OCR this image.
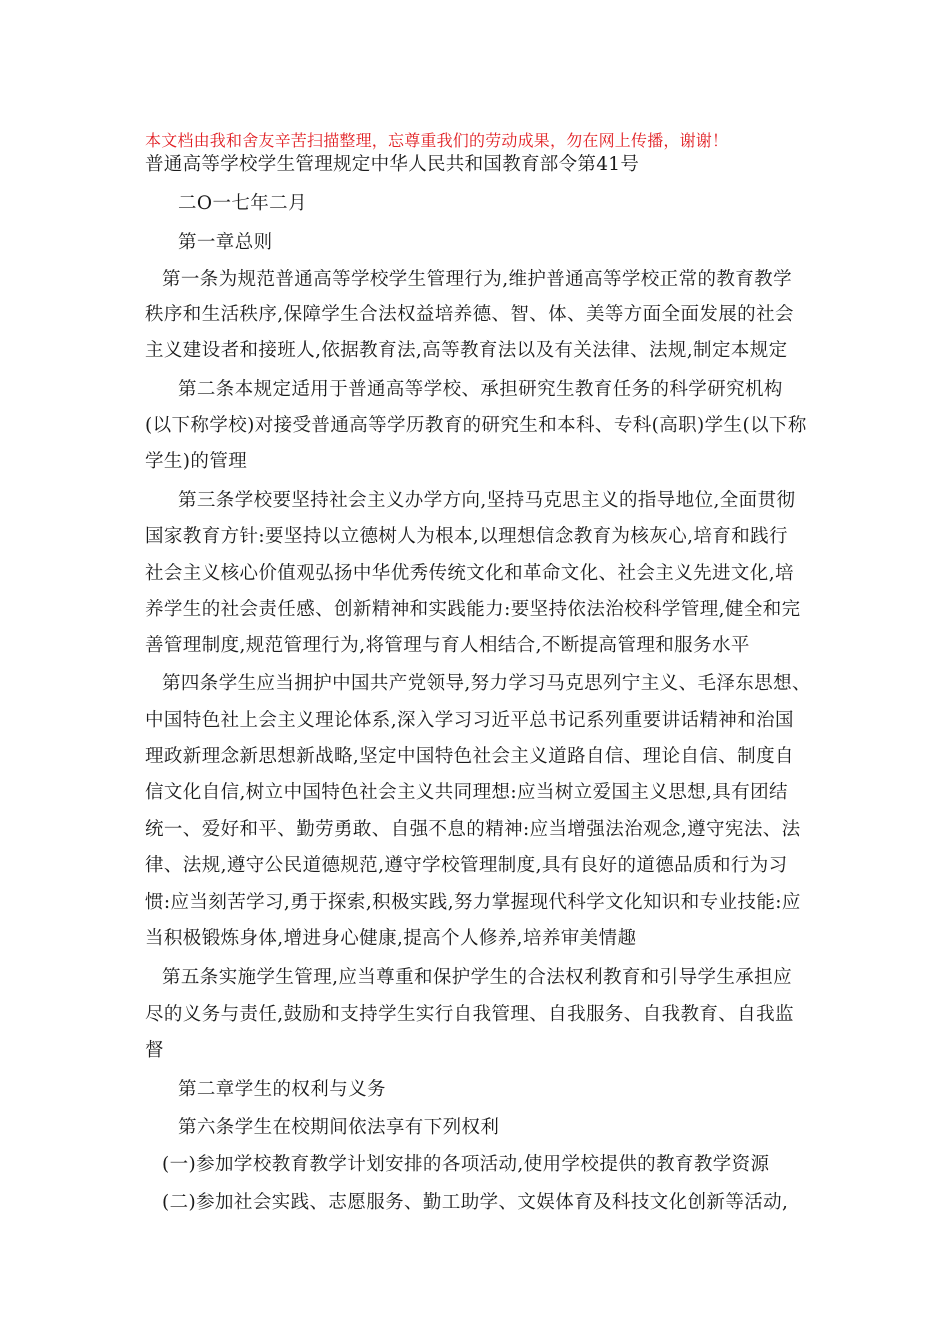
本文档由我和舍友辛苦扫描整理，忘尊重我们的劳动成果，勿在网上传播，谢谢！
普通高等学校学生管理规定中华人民共和国教育部令第41号
二O一七年二月
第一章总则
第一条为规范普通高等学校学生管理行为,维护普通高等学校正常的教育教学
秩序和生活秩序,保障学生合法权益培养德、智、体、美等方面全面发展的社会
主义建设者和接班人,依据教育法,高等教育法以及有关法律、法规,制定本规定
第二条本规定适用于普通高等学校、承担研究生教育任务的科学研究机构
(以下称学校)对接受普通高等学历教育的研究生和本科、专科(高职)学生(以下称
学生)的管理
第三条学校要坚持社会主义办学方向,坚持马克思主义的指导地位,全面贯彻
国家教育方针:要坚持以立德树人为根本,以理想信念教育为核灰心,培育和践行
社会主义核心价值观弘扬中华优秀传统文化和革命文化、社会主义先进文化,培
养学生的社会责任感、创新精神和实践能力:要坚持依法治校科学管理,健全和完
善管理制度,规范管理行为,将管理与育人相结合,不断提高管理和服务水平
第四条学生应当拥护中国共产党领导,努力学习马克思列宁主义、毛泽东思想、
中国特色社上会主义理论体系,深入学习习近平总书记系列重要讲话精神和治国
理政新理念新思想新战略,坚定中国特色社会主义道路自信、理论自信、制度自
信文化自信,树立中国特色社会主义共同理想:应当树立爱国主义思想,具有团结
统一、爱好和平、勤劳勇敢、自强不息的精神:应当增强法治观念,遵守宪法、法
律、法规,遵守公民道德规范,遵守学校管理制度,具有良好的道德品质和行为习
惯:应当刻苦学习,勇于探索,积极实践,努力掌握现代科学文化知识和专业技能:应
当积极锻炼身体,增进身心健康,提高个人修养,培养审美情趣
第五条实施学生管理,应当尊重和保护学生的合法权利教育和引导学生承担应
尽的义务与责任,鼓励和支持学生实行自我管理、自我服务、自我教育、自我监
督
第二章学生的权利与义务
第六条学生在校期间依法享有下列权利
(一)参加学校教育教学计划安排的各项活动,使用学校提供的教育教学资源
(二)参加社会实践、志愿服务、勤工助学、文娱体育及科技文化创新等活动,
